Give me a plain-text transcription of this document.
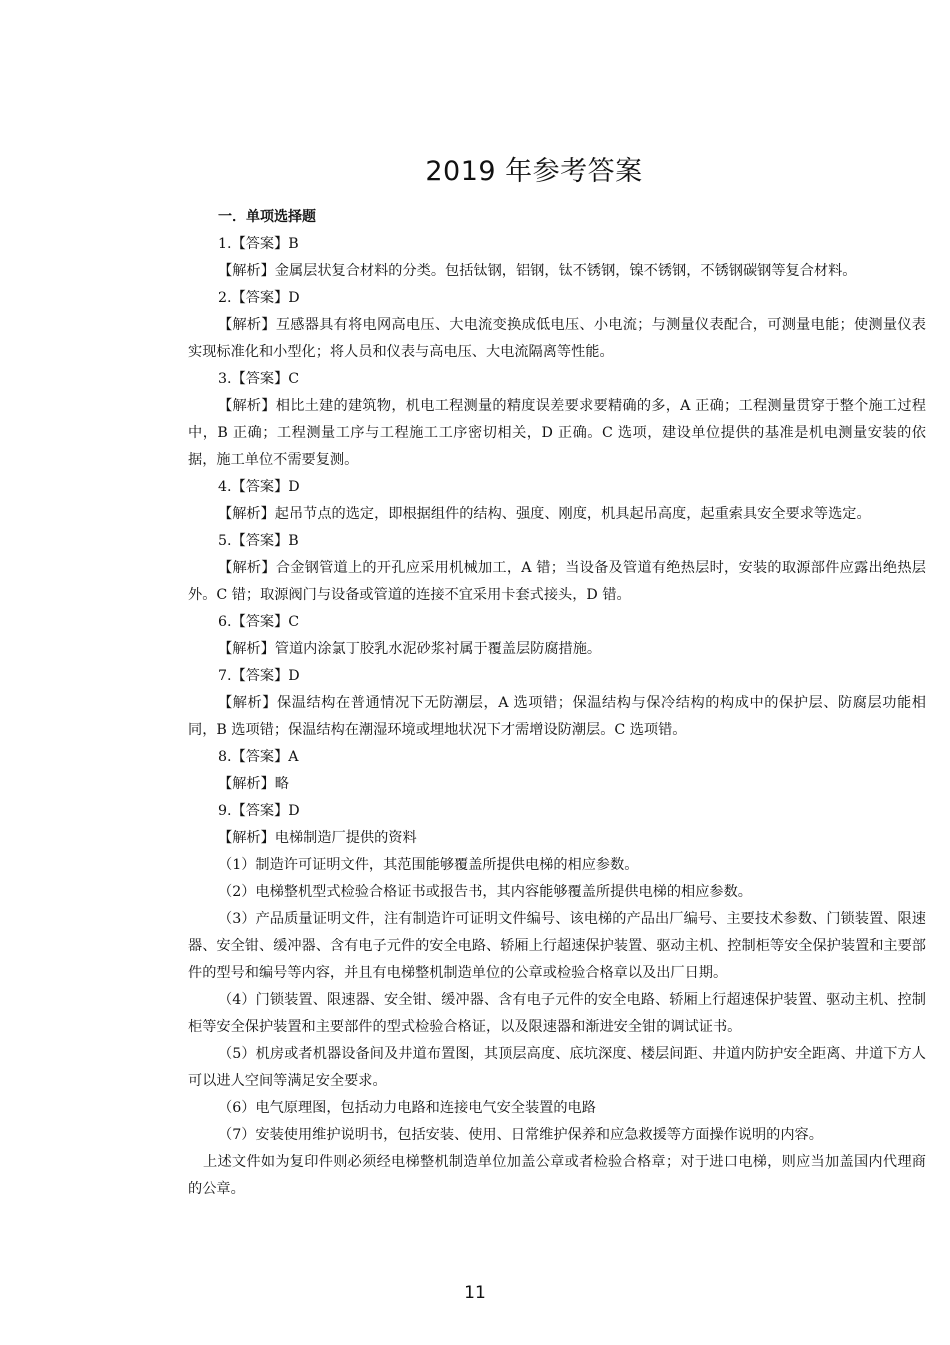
2019 年参考答案

一．单项选择题

1.【答案】B

【解析】金属层状复合材料的分类。包括钛钢，铝钢，钛不锈钢，镍不锈钢，不锈钢碳钢等复合材料。

2.【答案】D

【解析】互感器具有将电网高电压、大电流变换成低电压、小电流；与测量仪表配合，可测量电能；使测量仪表实现标准化和小型化；将人员和仪表与高电压、大电流隔离等性能。

3.【答案】C

【解析】相比土建的建筑物，机电工程测量的精度误差要求要精确的多，A 正确；工程测量贯穿于整个施工过程中，B 正确；工程测量工序与工程施工工序密切相关，D 正确。C 选项，建设单位提供的基准是机电测量安装的依据，施工单位不需要复测。

4.【答案】D

【解析】起吊节点的选定，即根据组件的结构、强度、刚度，机具起吊高度，起重索具安全要求等选定。

5.【答案】B

【解析】合金钢管道上的开孔应采用机械加工，A 错；当设备及管道有绝热层时，安装的取源部件应露出绝热层外。C 错；取源阀门与设备或管道的连接不宜采用卡套式接头，D 错。

6.【答案】C

【解析】管道内涂氯丁胶乳水泥砂浆衬属于覆盖层防腐措施。

7.【答案】D

【解析】保温结构在普通情况下无防潮层，A 选项错；保温结构与保冷结构的构成中的保护层、防腐层功能相同，B 选项错；保温结构在潮湿环境或埋地状况下才需增设防潮层。C 选项错。

8.【答案】A

【解析】略

9.【答案】D

【解析】电梯制造厂提供的资料

（1）制造许可证明文件，其范围能够覆盖所提供电梯的相应参数。

（2）电梯整机型式检验合格证书或报告书，其内容能够覆盖所提供电梯的相应参数。

（3）产品质量证明文件，注有制造许可证明文件编号、该电梯的产品出厂编号、主要技术参数、门锁装置、限速器、安全钳、缓冲器、含有电子元件的安全电路、轿厢上行超速保护装置、驱动主机、控制柜等安全保护装置和主要部件的型号和编号等内容，并且有电梯整机制造单位的公章或检验合格章以及出厂日期。

（4）门锁装置、限速器、安全钳、缓冲器、含有电子元件的安全电路、轿厢上行超速保护装置、驱动主机、控制柜等安全保护装置和主要部件的型式检验合格证，以及限速器和渐进安全钳的调试证书。

（5）机房或者机器设备间及井道布置图，其顶层高度、底坑深度、楼层间距、井道内防护安全距离、井道下方人可以进人空间等满足安全要求。

（6）电气原理图，包括动力电路和连接电气安全装置的电路

（7）安装使用维护说明书，包括安装、使用、日常维护保养和应急救援等方面操作说明的内容。

上述文件如为复印件则必须经电梯整机制造单位加盖公章或者检验合格章；对于进口电梯，则应当加盖国内代理商的公章。

11
